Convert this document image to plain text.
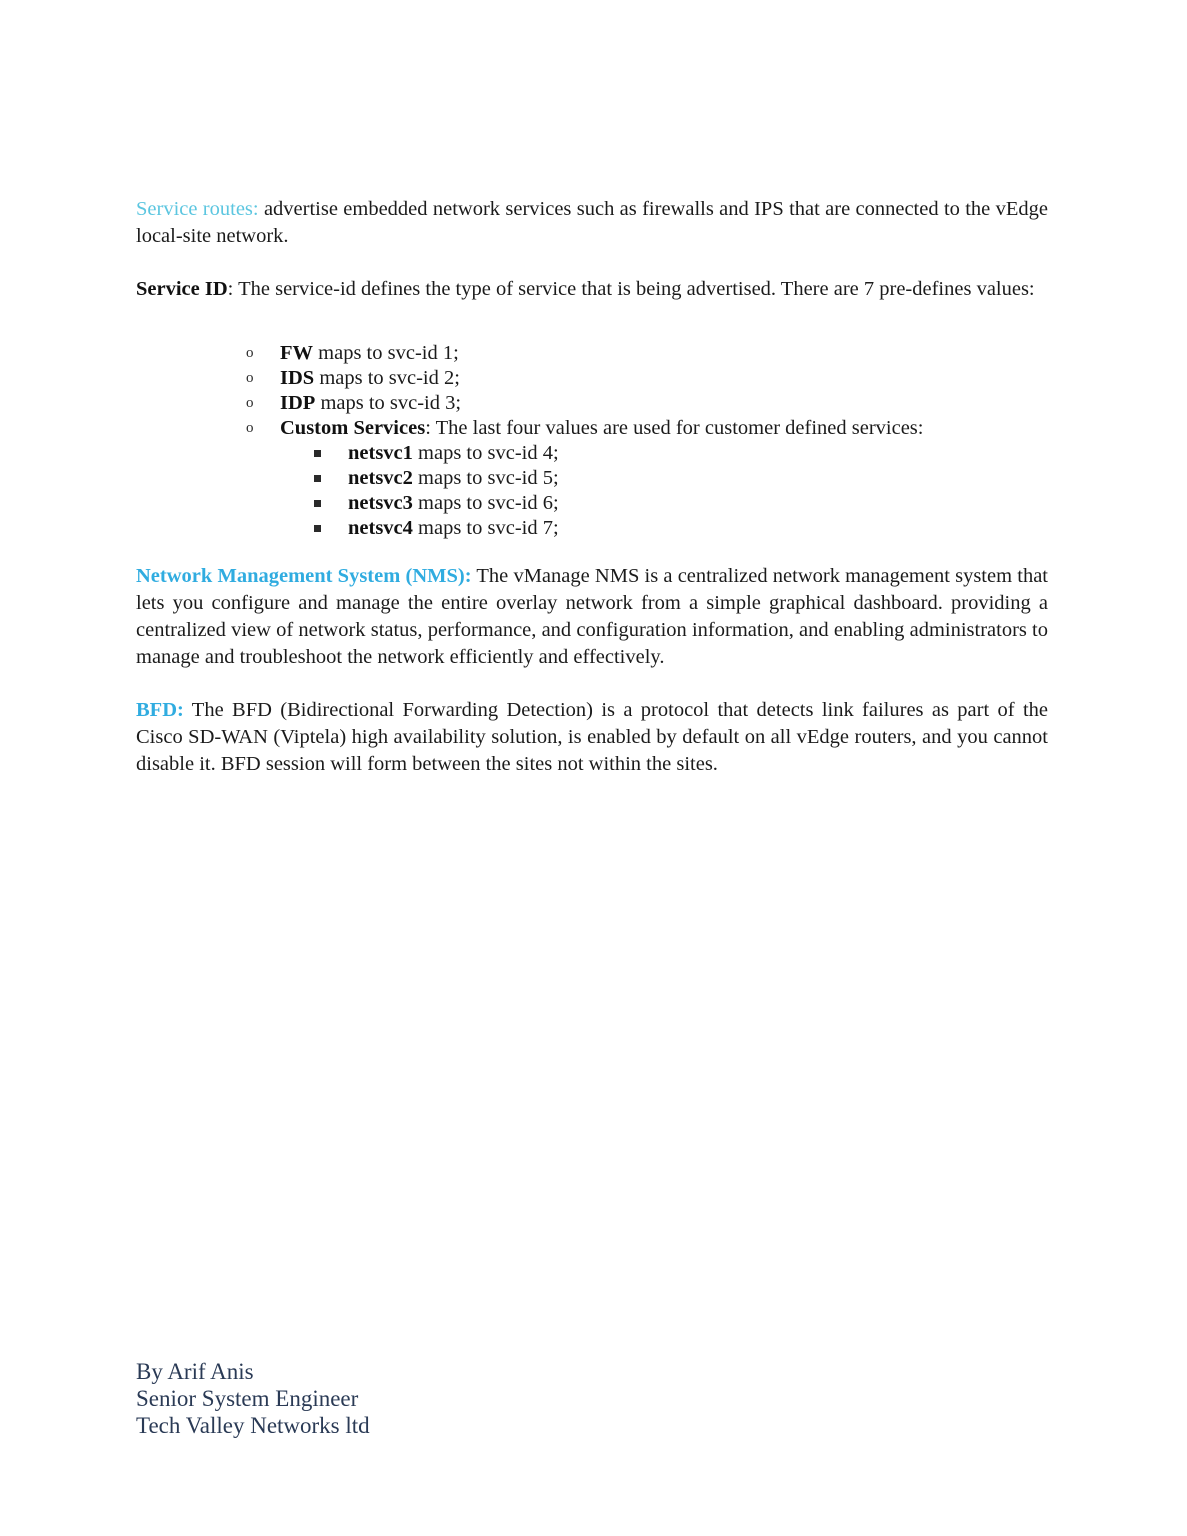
Service routes: advertise embedded network services such as firewalls and IPS that are connected to the vEdge local-site network.

Service ID: The service-id defines the type of service that is being advertised. There are 7 pre-defines values:

o	FW maps to svc-id 1;
o	IDS maps to svc-id 2;
o	IDP maps to svc-id 3;
o	Custom Services: The last four values are used for customer defined services:
netsvc1 maps to svc-id 4;
netsvc2 maps to svc-id 5;
netsvc3 maps to svc-id 6;
netsvc4 maps to svc-id 7;

Network Management System (NMS): The vManage NMS is a centralized network management system that lets you configure and manage the entire overlay network from a simple graphical dashboard. providing a centralized view of network status, performance, and configuration information, and enabling administrators to manage and troubleshoot the network efficiently and effectively.

BFD: The BFD (Bidirectional Forwarding Detection) is a protocol that detects link failures as part of the Cisco SD-WAN (Viptela) high availability solution, is enabled by default on all vEdge routers, and you cannot disable it. BFD session will form between the sites not within the sites.

By Arif Anis
Senior System Engineer
Tech Valley Networks ltd
